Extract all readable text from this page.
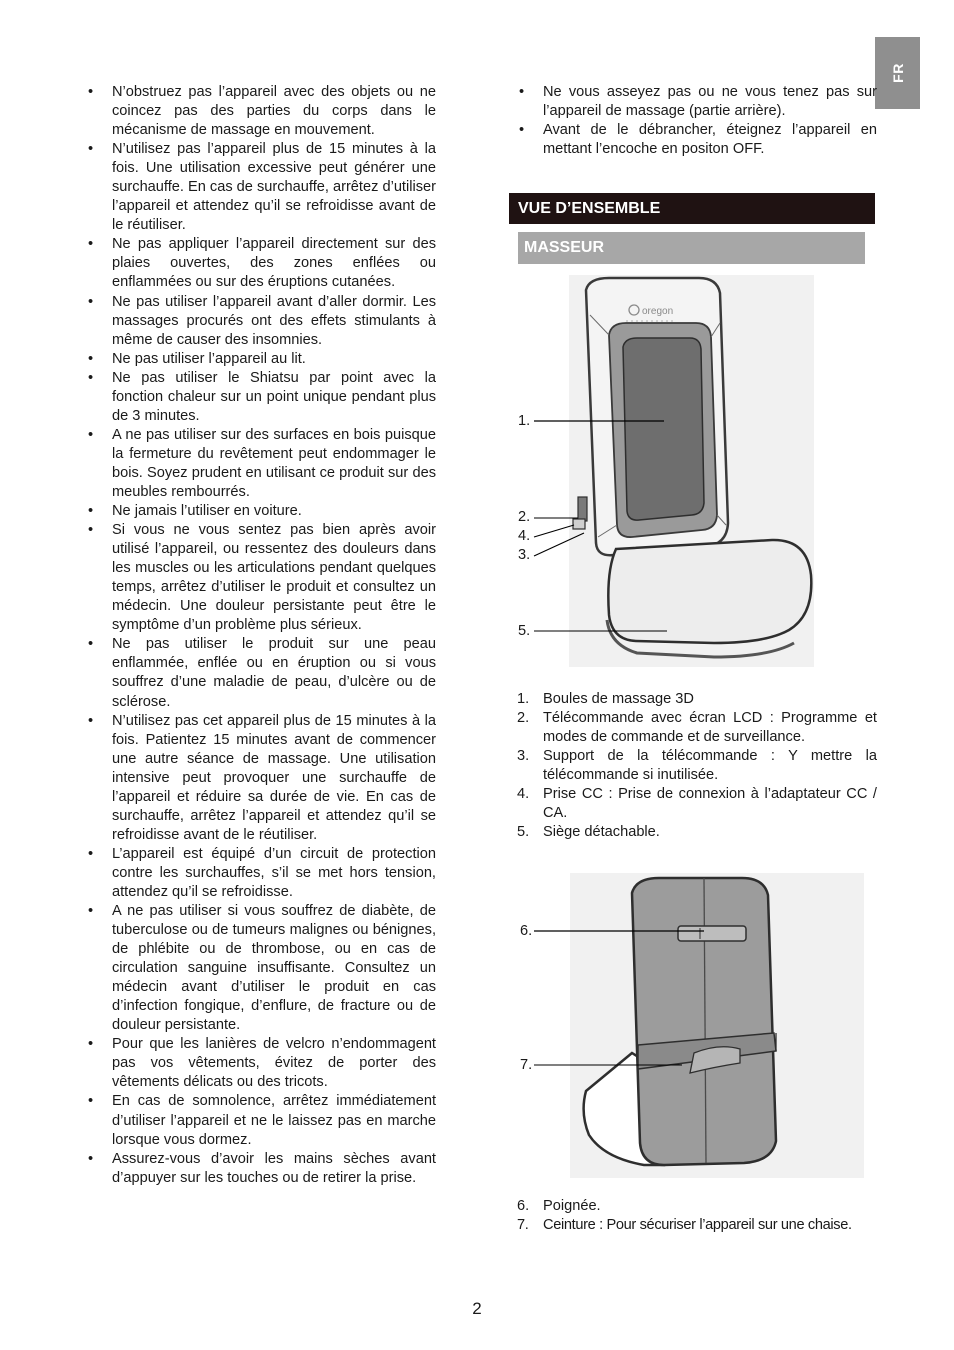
FR
• N’obstruez pas l’appareil avec des objets ou ne coincez pas des parties du corps dans le mécanisme de massage en mouvement.
• N’utilisez pas l’appareil plus de 15 minutes à la fois. Une utilisation excessive peut générer une surchauffe. En cas de surchauffe, arrêtez d’utiliser l’appareil et attendez qu’il se refroidisse avant de le réutiliser.
• Ne pas appliquer l’appareil directement sur des plaies ouvertes, des zones enflées ou enflammées ou sur des éruptions cutanées.
• Ne pas utiliser l’appareil avant d’aller dormir. Les massages procurés ont des effets stimulants à même de causer des insomnies.
• Ne pas utiliser l’appareil au lit.
• Ne pas utiliser le Shiatsu par point avec la fonction chaleur sur un point unique pendant plus de 3 minutes.
• A ne pas utiliser sur des surfaces en bois puisque la fermeture du revêtement peut endommager le bois. Soyez prudent en utilisant ce produit sur des meubles rembourrés.
• Ne jamais l’utiliser en voiture.
• Si vous ne vous sentez pas bien après avoir utilisé l’appareil, ou ressentez des douleurs dans les muscles ou les articulations pendant quelques temps, arrêtez d’utiliser le produit et consultez un médecin. Une douleur persistante peut être le symptôme d’un problème plus sérieux.
• Ne pas utiliser le produit sur une peau enflammée, enflée ou en éruption ou si vous souffrez d’une maladie de peau, d’ulcère ou de sclérose.
• N’utilisez pas cet appareil plus de 15 minutes à la fois. Patientez 15 minutes avant de commencer une autre séance de massage. Une utilisation intensive peut provoquer une surchauffe de l’appareil et réduire sa durée de vie. En cas de surchauffe, arrêtez l’appareil et attendez qu’il se refroidisse avant de le réutiliser.
• L’appareil est équipé d’un circuit de protection contre les surchauffes, s’il se met hors tension, attendez qu’il se refroidisse.
• A ne pas utiliser si vous souffrez de diabète, de tuberculose ou de tumeurs malignes ou bénignes, de phlébite ou de thrombose, ou en cas de circulation sanguine insuffisante. Consultez un médecin avant d’utiliser le produit en cas d’infection fongique, d’enflure, de fracture ou de douleur persistante.
• Pour que les lanières de velcro n’endommagent pas vos vêtements, évitez de porter des vêtements délicats ou des tricots.
• En cas de somnolence, arrêtez immédiatement d’utiliser l’appareil et ne le laissez pas en marche lorsque vous dormez.
• Assurez-vous d’avoir les mains sèches avant d’appuyer sur les touches ou de retirer la prise.
• Ne vous asseyez pas ou ne vous tenez pas sur l’appareil de massage (partie arrière).
• Avant de le débrancher, éteignez l’appareil en mettant l’encoche en positon OFF.
VUE D’ENSEMBLE
MASSEUR
oregon
1.
2.
4.
3.
5.
1. Boules de massage 3D
2. Télécommande avec écran LCD : Programme et modes de commande et de surveillance.
3. Support de la télécommande : Y mettre la télécommande si inutilisée.
4. Prise CC : Prise de connexion à l’adaptateur CC / CA.
5. Siège détachable.
6.
7.
6. Poignée.
7. Ceinture : Pour sécuriser l’appareil sur une chaise.
2
